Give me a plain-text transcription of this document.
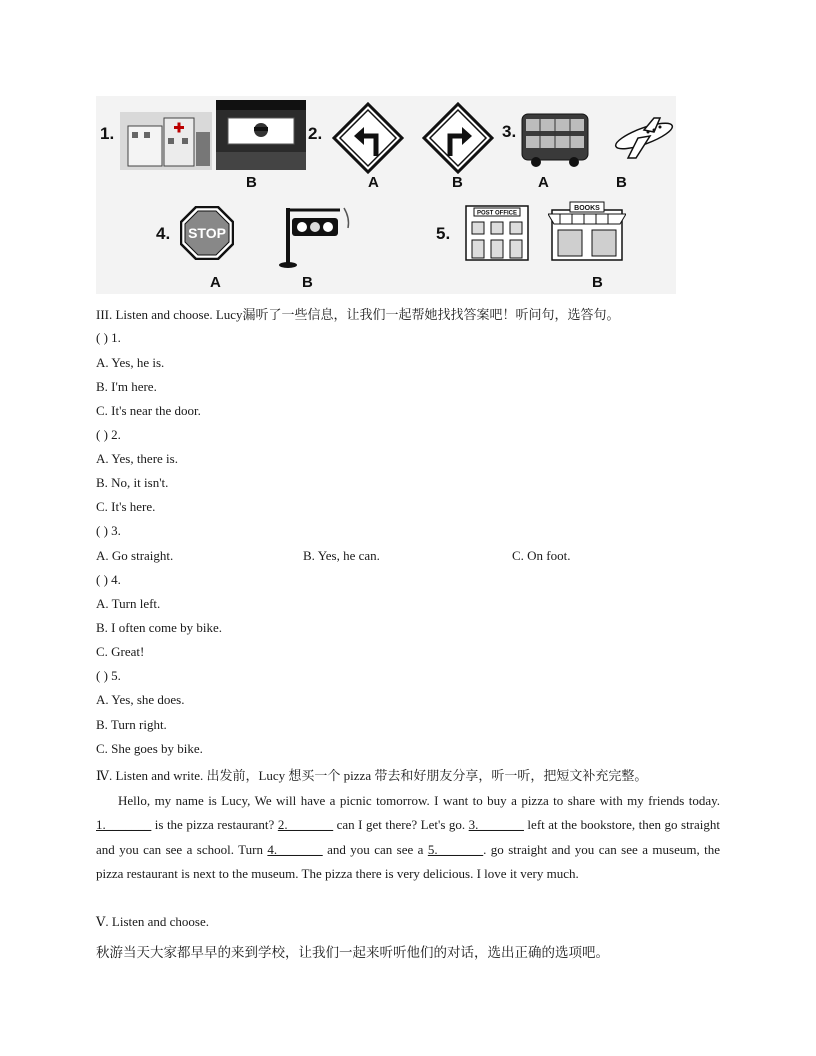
1.
B
2.
A	B
3.
A	B
4. STOP
A	B
5.
POST OFFICE
BOOKS
B
III. Listen and choose. Lucy漏听了一些信息，让我们一起帮她找找答案吧！听问句，选答句。
( ) 1.
A. Yes, he is.
B. I'm here.
C. It's near the door.
( ) 2.
A. Yes, there is.
B. No, it isn't.
C. It's here.
( ) 3.
A. Go straight.	B. Yes, he can.	C. On foot.
( ) 4.
A. Turn left.
B. I often come by bike.
C. Great!
( ) 5.
A. Yes, she does.
B. Turn right.
C. She goes by bike.
Ⅳ. Listen and write. 出发前，Lucy 想买一个 pizza 带去和好朋友分享，听一听，把短文补充完整。
Hello, my name is Lucy, We will have a picnic tomorrow. I want to buy a pizza to share with my friends today. 1._______ is the pizza restaurant? 2._______ can I get there? Let's go. 3._______ left at the bookstore, then go straight and you can see a school. Turn 4._______ and you can see a 5._______. go straight and you can see a museum, the pizza restaurant is next to the museum. The pizza there is very delicious. I love it very much.
Ⅴ. Listen and choose.
秋游当天大家都早早的来到学校，让我们一起来听听他们的对话，选出正确的选项吧。
